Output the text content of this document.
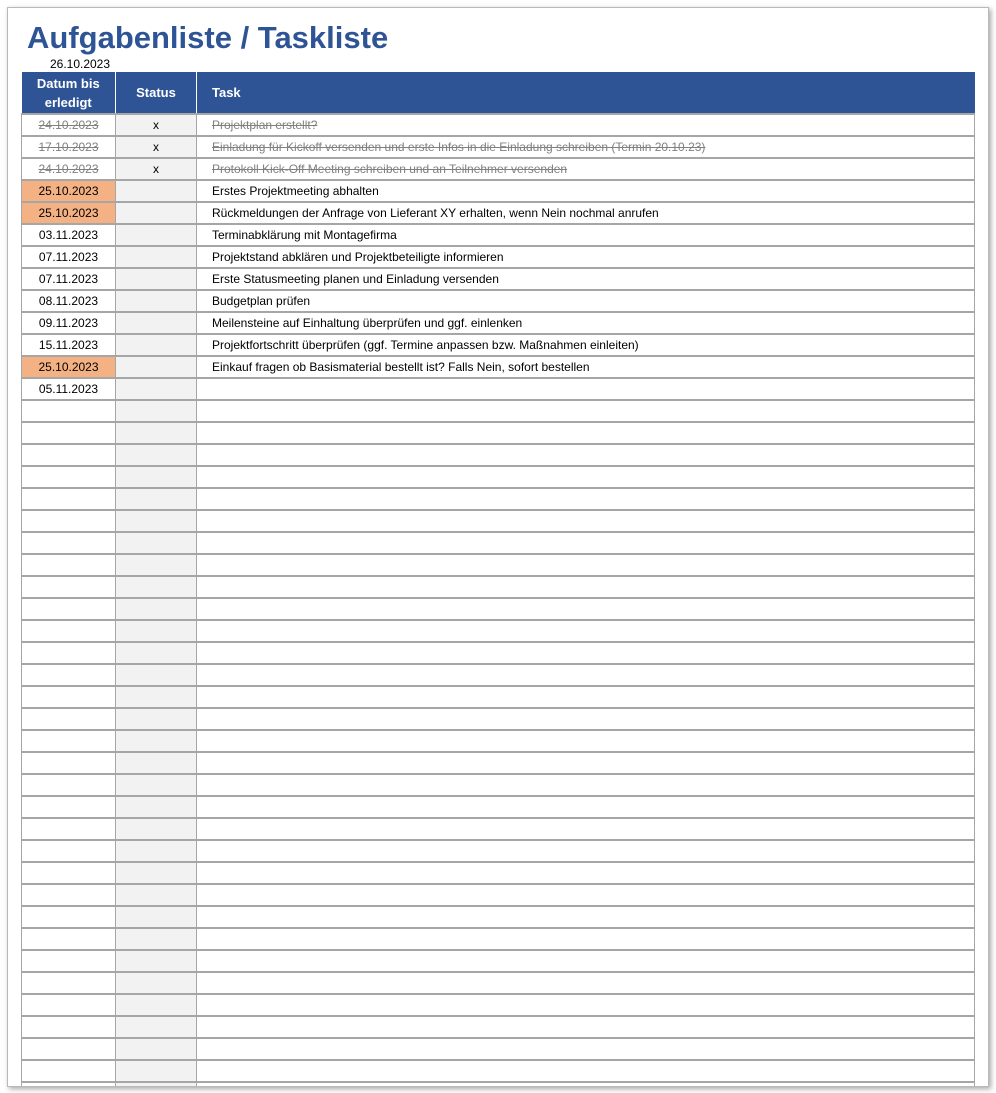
Aufgabenliste / Taskliste
26.10.2023
Datum bis erledigt	Status	Task
24.10.2023	x	Projektplan erstellt?
17.10.2023	x	Einladung für Kickoff versenden und erste Infos in die Einladung schreiben (Termin 20.10.23)
24.10.2023	x	Protokoll Kick-Off Meeting schreiben und an Teilnehmer versenden
25.10.2023		Erstes Projektmeeting abhalten
25.10.2023		Rückmeldungen der Anfrage von Lieferant XY erhalten, wenn Nein nochmal anrufen
03.11.2023		Terminabklärung mit Montagefirma
07.11.2023		Projektstand abklären und Projektbeteiligte informieren
07.11.2023		Erste Statusmeeting planen und Einladung versenden
08.11.2023		Budgetplan prüfen
09.11.2023		Meilensteine auf Einhaltung überprüfen und ggf. einlenken
15.11.2023		Projektfortschritt überprüfen (ggf. Termine anpassen bzw. Maßnahmen einleiten)
25.10.2023		Einkauf fragen ob Basismaterial bestellt ist? Falls Nein, sofort bestellen
05.11.2023		
